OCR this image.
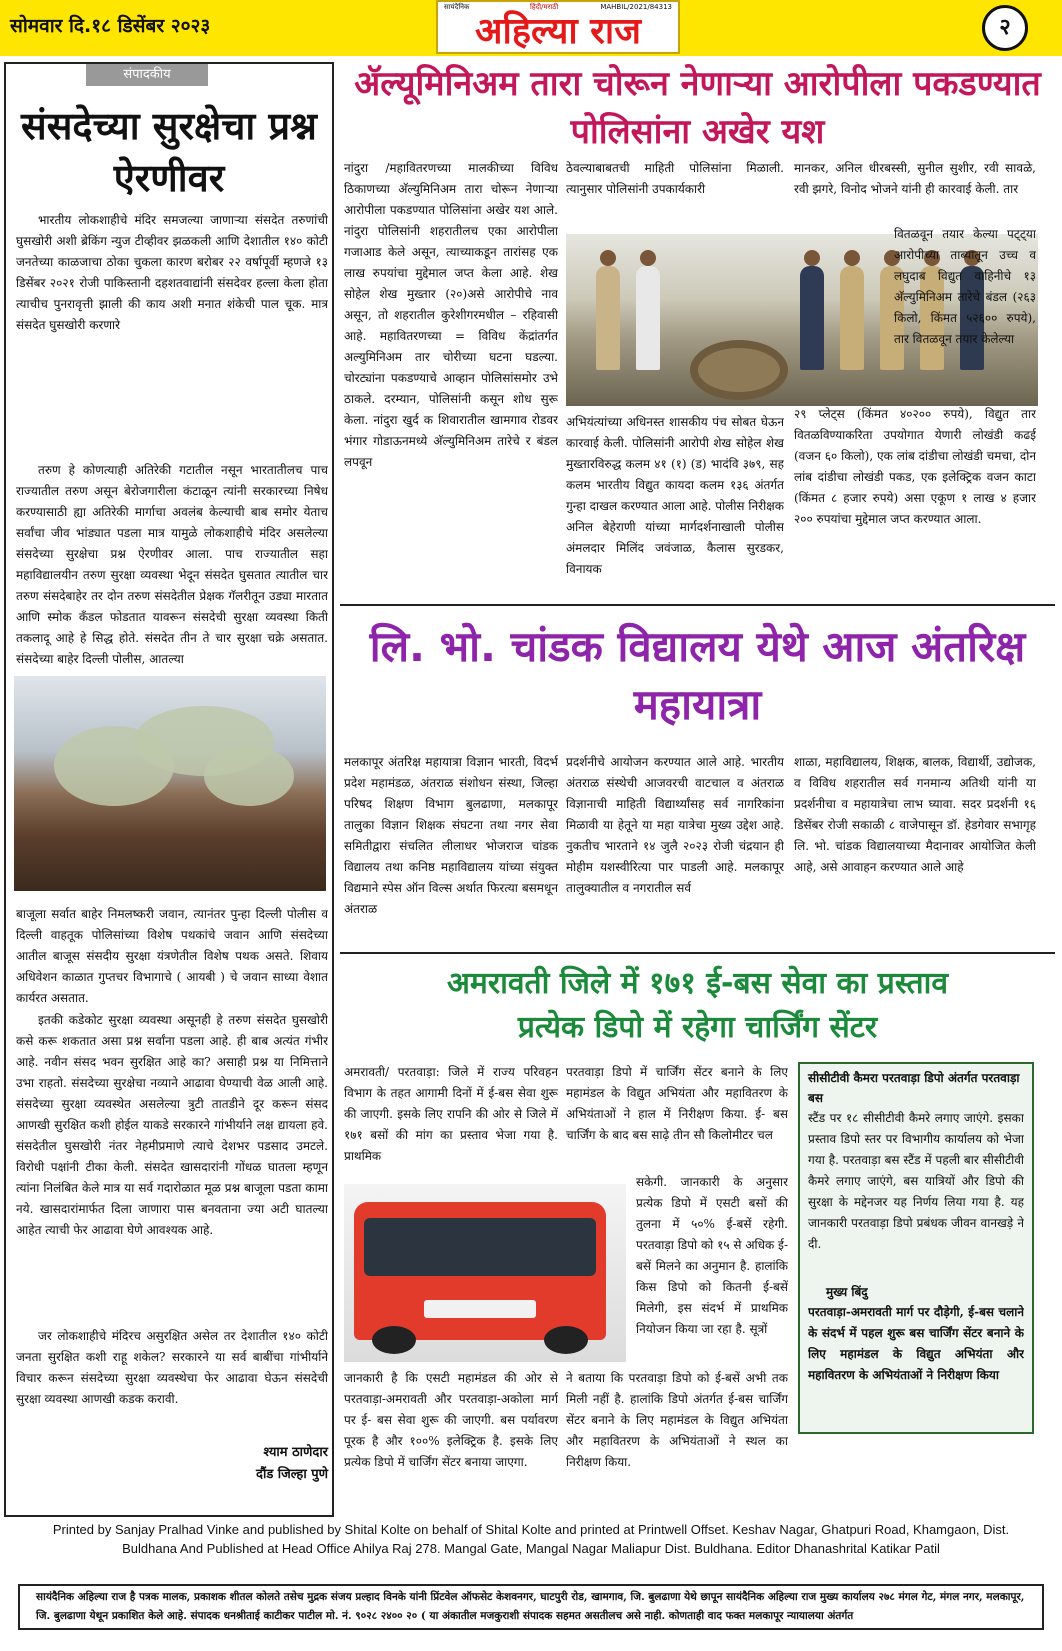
सोमवार दि.१८ डिसेंबर २०२३
सायंदैनिक	हिंदी/मराठी	MAHBIL/2021/84313
अहिल्या राज	२
संपादकीय
संसदेच्या सुरक्षेचा प्रश्न ऐरणीवर

भारतीय लोकशाहीचे मंदिर समजल्या जाणाऱ्या संसदेत तरुणांची घुसखोरी अशी ब्रेकिंग न्युज टीव्हीवर झळकली आणि देशातील १४० कोटी जनतेच्या काळजाचा ठोका चुकला कारण बरोबर २२ वर्षापूर्वी म्हणजे १३ डिसेंबर २०२१ रोजी पाकिस्तानी दहशतवाद्यांनी संसदेवर हल्ला केला होता त्याचीच पुनरावृत्ती झाली की काय अशी मनात शंकेची पाल चूक. मात्र संसदेत घुसखोरी करणारे

तरुण हे कोणत्याही अतिरेकी गटातील नसून भारतातीलच पाच राज्यातील तरुण असून बेरोजगारीला कंटाळून त्यांनी सरकारच्या निषेध करण्यासाठी ह्या अतिरेकी मार्गाचा अवलंब केल्याची बाब समोर येताच सर्वांचा जीव भांड्यात पडला मात्र यामुळे लोकशाहीचे मंदिर असलेल्या संसदेच्या सुरक्षेचा प्रश्न ऐरणीवर आला. पाच राज्यातील सहा महाविद्यालयीन तरुण सुरक्षा व्यवस्था भेदून संसदेत घुसतात त्यातील चार तरुण संसदेबाहेर तर दोन तरुण संसदेतील प्रेक्षक गॅलरीतून उड्या मारतात आणि स्मोक कॅंडल फोडतात यावरून संसदेची सुरक्षा व्यवस्था किती तकलादू आहे हे सिद्ध होते. संसदेत तीन ते चार सुरक्षा चक्रे असतात. संसदेच्या बाहेर दिल्ली पोलीस, आतल्या

बाजूला सर्वात बाहेर निमलष्करी जवान, त्यानंतर पुन्हा दिल्ली पोलीस व दिल्ली वाहतूक पोलिसांच्या विशेष पथकांचे जवान आणि संसदेच्या आतील बाजूस संसदीय सुरक्षा यंत्रणेतील विशेष पथक असते. शिवाय अधिवेशन काळात गुप्तचर विभागाचे ( आयबी ) चे जवान साध्या वेशात कार्यरत असतात.

इतकी कडेकोट सुरक्षा व्यवस्था असूनही हे तरुण संसदेत घुसखोरी कसे करू शकतात असा प्रश्न सर्वांना पडला आहे. ही बाब अत्यंत गंभीर आहे. नवीन संसद भवन सुरक्षित आहे का? असाही प्रश्न या निमित्ताने उभा राहतो. संसदेच्या सुरक्षेचा नव्याने आढावा घेण्याची वेळ आली आहे. संसदेच्या सुरक्षा व्यवस्थेत असलेल्या त्रुटी तातडीने दूर करून संसद आणखी सुरक्षित कशी होईल याकडे सरकारने गांभीर्याने लक्ष द्यायला हवे. संसदेतील घुसखोरी नंतर नेहमीप्रमाणे त्याचे देशभर पडसाद उमटले. विरोधी पक्षांनी टीका केली. संसदेत खासदारांनी गोंधळ घातला म्हणून त्यांना निलंबित केले मात्र या सर्व गदारोळात मूळ प्रश्न बाजूला पडता कामा नये. खासदारांमार्फत दिला जाणारा पास बनवताना ज्या अटी घातल्या आहेत त्याची फेर आढावा घेणे आवश्यक आहे.

जर लोकशाहीचे मंदिरच असुरक्षित असेल तर देशातील १४० कोटी जनता सुरक्षित कशी राहू शकेल? सरकारने या सर्व बाबींचा गांभीर्याने विचार करून संसदेच्या सुरक्षा व्यवस्थेचा फेर आढावा घेऊन संसदेची सुरक्षा व्यवस्था आणखी कडक करावी.

श्याम ठाणेदार
दौंड जिल्हा पुणे
ॲल्यूमिनिअम तारा चोरून नेणाऱ्या आरोपीला पकडण्यात पोलिसांना अखेर यश
नांदुरा /महावितरणच्या मालकीच्या विविध ठिकाणच्या अ‍ॅल्युमिनिअम तारा चोरून नेणाऱ्या आरोपीला पकडण्यात पोलिसांना अखेर यश आले. नांदुरा पोलिसांनी शहरातीलच एका आरोपीला गजाआड केले असून, त्याच्याकडून तारांसह एक लाख रुपयांचा मुद्देमाल जप्त केला आहे. शेख सोहेल शेख मुख्तार (२०)असे आरोपीचे नाव असून, तो शहरातील कुरेशीगरमधील – रहिवासी आहे. महावितरणच्या = विविध केंद्रांतर्गत अल्युमिनिअम तार चोरीच्या घटना घडल्या. चोरट्यांना पकडण्याचे आव्हान पोलिसांसमोर उभे ठाकले. दरम्यान, पोलिसांनी कसून शोध सुरू केला. नांदुरा खुर्द क शिवारातील खामगाव रोडवर भंगार गोडाऊनमध्ये अ‍ॅल्युमिनिअम तारेचे र बंडल लपवून
ठेवल्याबाबतची माहिती पोलिसांना मिळाली. त्यानुसार पोलिसांनी उपकार्यकारी
मानकर, अनिल धीरबस्सी, सुनील सुशीर, रवी सावळे, रवी झगरे, विनोद भोजने यांनी ही कारवाई केली. तार
अभियंत्यांच्या अधिनस्त शासकीय पंच सोबत घेऊन कारवाई केली. पोलिसांनी आरोपी शेख सोहेल शेख मुख्तारविरुद्ध कलम ४१ (१) (ड) भादंवि ३७९, सह कलम भारतीय विद्युत कायदा कलम १३६ अंतर्गत गुन्हा दाखल करण्यात आला आहे. पोलीस निरीक्षक अनिल बेहेराणी यांच्या मार्गदर्शनाखाली पोलीस अंमलदार मिलिंद जवंजाळ, कैलास सुरडकर, विनायक
वितळवून तयार केल्या पट्ट्या आरोपीच्या ताब्यातून उच्च व लघुदाब विद्युत वाहिनीचे १३ अ‍ॅल्युमिनिअम तारेचे बंडल (२६३ किलो, किंमत ५२६०० रुपये), तार वितळवून तयार केलेल्या
२९ प्लेट्स (किंमत ४०२०० रुपये), विद्युत तार वितळविण्याकरिता उपयोगात येणारी लोखंडी कढई (वजन ६० किलो), एक लांब दांडीचा लोखंडी चमचा, दोन लांब दांडीचा लोखंडी पकड, एक इलेक्ट्रिक वजन काटा (किंमत ८ हजार रुपये) असा एकूण १ लाख ४ हजार २०० रुपयांचा मुद्देमाल जप्त करण्यात आला.
लि. भो. चांडक विद्यालय येथे आज अंतरिक्ष महायात्रा
मलकापूर अंतरिक्ष महायात्रा विज्ञान भारती, विदर्भ प्रदेश महामंडळ, अंतराळ संशोधन संस्था, जिल्हा परिषद शिक्षण विभाग बुलढाणा, मलकापूर तालुका विज्ञान शिक्षक संघटना तथा नगर सेवा समितीद्वारा संचलित लीलाधर भोजराज चांडक विद्यालय तथा कनिष्ठ महाविद्यालय यांच्या संयुक्त विद्यमाने स्पेस ऑन विल्स अर्थात फिरत्या बसमधून अंतराळ
प्रदर्शनीचे आयोजन करण्यात आले आहे. भारतीय अंतराळ संस्थेची आजवरची वाटचाल व अंतराळ विज्ञानाची माहिती विद्यार्थ्यांसह सर्व नागरिकांना मिळावी या हेतूने या महा यात्रेचा मुख्य उद्देश आहे. नुकतीच भारताने १४ जुलै २०२३ रोजी चंद्रयान ही मोहीम यशस्वीरित्या पार पाडली आहे. मलकापूर तालुक्यातील व नगरातील सर्व
शाळा, महाविद्यालय, शिक्षक, बालक, विद्यार्थी, उद्योजक, व विविध शहरातील सर्व गनमान्य अतिथी यांनी या प्रदर्शनीचा व महायात्रेचा लाभ घ्यावा. सदर प्रदर्शनी १६ डिसेंबर रोजी सकाळी ८ वाजेपासून डॉ. हेडगेवार सभागृह लि. भो. चांडक विद्यालयाच्या मैदानावर आयोजित केली आहे, असे आवाहन करण्यात आले आहे
अमरावती जिले में १७१ ई-बस सेवा का प्रस्ताव
प्रत्येक डिपो में रहेगा चार्जिंग सेंटर
अमरावती/ परतवाड़ा: जिले में राज्य परिवहन विभाग के तहत आगामी दिनों में ई-बस सेवा शुरू की जाएगी. इसके लिए रापनि की ओर से जिले में १७१ बसों की मांग का प्रस्ताव भेजा गया है. प्राथमिक
जानकारी है कि एसटी महामंडल की ओर से परतवाड़ा-अमरावती और परतवाड़ा-अकोला मार्ग पर ई- बस सेवा शुरू की जाएगी. बस पर्यावरण पूरक है और १००% इलेक्ट्रिक है. इसके लिए प्रत्येक डिपो में चार्जिंग सेंटर बनाया जाएगा.
परतवाड़ा डिपो में चार्जिंग सेंटर बनाने के लिए महामंडल के विद्युत अभियंता और महावितरण के अभियंताओं ने हाल में निरीक्षण किया. ई- बस चार्जिंग के बाद बस साढ़े तीन सौ किलोमीटर चल
सकेगी. जानकारी के अनुसार प्रत्येक डिपो में एसटी बसों की तुलना में ५०% ई-बसें रहेगी. परतवाड़ा डिपो को १५ से अधिक ई-बसें मिलने का अनुमान है. हालांकि किस डिपो को कितनी ई-बसें मिलेगी, इस संदर्भ में प्राथमिक नियोजन किया जा रहा है. सूत्रों
ने बताया कि परतवाड़ा डिपो को ई-बसें अभी तक मिली नहीं है. हालांकि डिपो अंतर्गत ई-बस चार्जिंग सेंटर बनाने के लिए महामंडल के विद्युत अभियंता और महावितरण के अभियंताओं ने स्थल का निरीक्षण किया.
सीसीटीवी कैमरा परतवाड़ा डिपो अंतर्गत परतवाड़ा बस

स्टैंड पर १८ सीसीटीवी कैमरे लगाए जाएंगे. इसका प्रस्ताव डिपो स्तर पर विभागीय कार्यालय को भेजा गया है. परतवाड़ा बस स्टैंड में पहली बार सीसीटीवी कैमरे लगाए जाएंगे, बस यात्रियों और डिपो की सुरक्षा के मद्देनजर यह निर्णय लिया गया है. यह जानकारी परतवाड़ा डिपो प्रबंधक जीवन वानखड़े ने दी.

मुख्य बिंदु

परतवाड़ा-अमरावती मार्ग पर दौड़ेगी, ई-बस चलाने के संदर्भ में पहल शुरू बस चार्जिंग सेंटर बनाने के लिए महामंडल के विद्युत अभियंता और महावितरण के अभियंताओं ने निरीक्षण किया

Printed by Sanjay Pralhad Vinke and published by Shital Kolte on behalf of Shital Kolte and printed at Printwell Offset. Keshav Nagar, Ghatpuri Road, Khamgaon, Dist. Buldhana And Published at Head Office Ahilya Raj 278. Mangal Gate, Mangal Nagar Maliapur Dist. Buldhana. Editor Dhanashrital Katikar Patil
सायंदैनिक अहिल्या राज है पत्रक मालक, प्रकाशक शीतल कोलते तसेच मुद्रक संजय प्रल्हाद विनके यांनी प्रिंटवेल ऑफसेट केशवनगर, घाटपुरी रोड, खामगाव, जि. बुलढाणा येथे छापून सायंदैनिक अहिल्या राज मुख्य कार्यालय २७८ मंगल गेट, मंगल नगर, मलकापूर, जि. बुलढाणा येथून प्रकाशित केले आहे. संपादक धनश्रीताई काटीकर पाटील मो. नं. ९०२८ २४०० २० ( या अंकातील मजकुराशी संपादक सहमत असतीलच असे नाही. कोणताही वाद फक्त मलकापूर न्यायालया अंतर्गत
